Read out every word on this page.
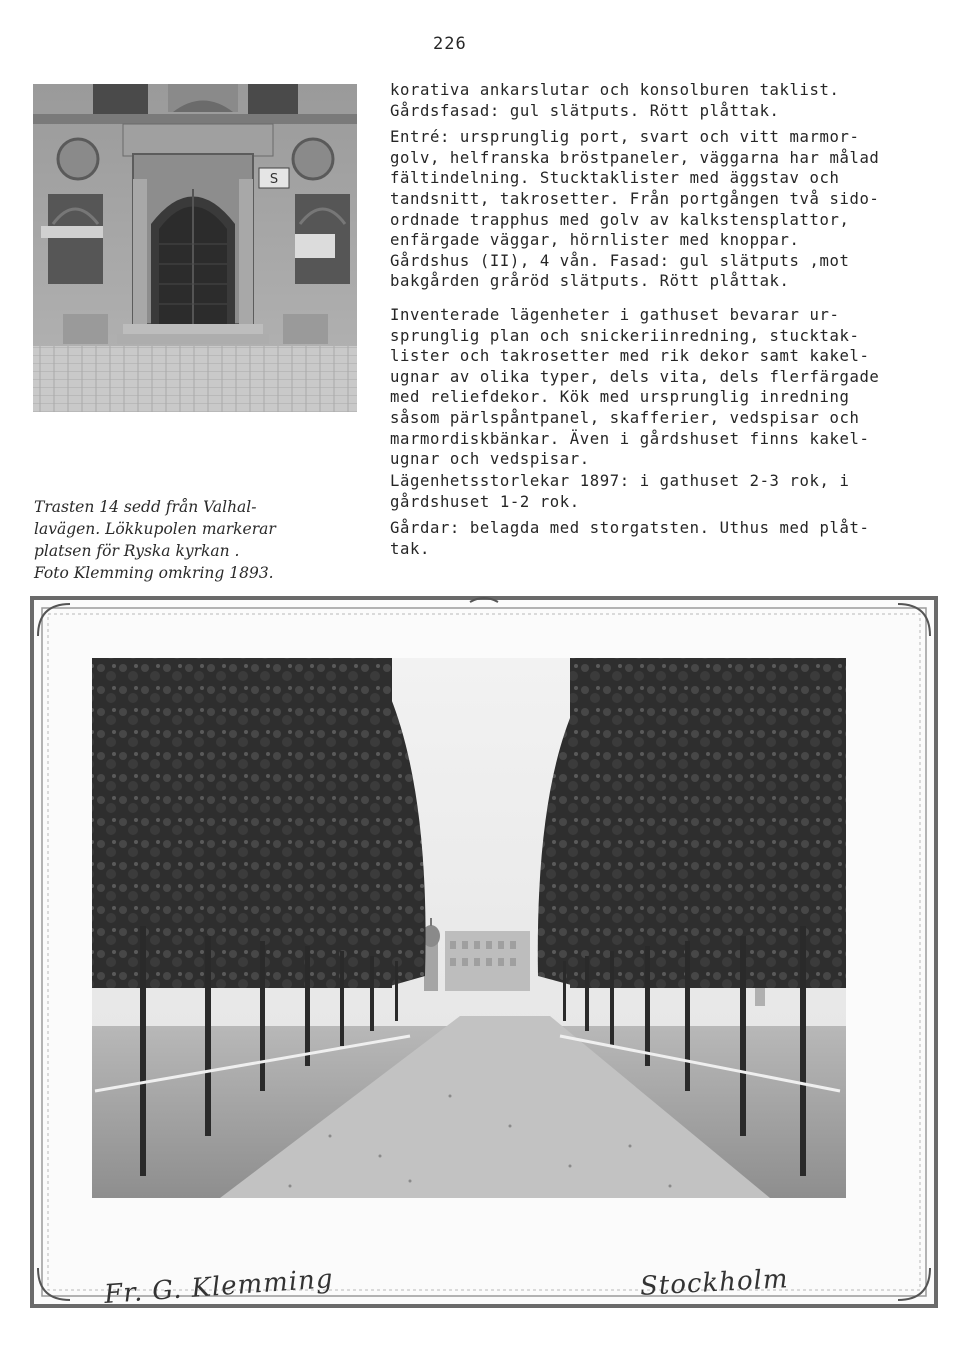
226
S
Trasten 14 sedd från Valhal-
lavägen. Lökkupolen markerar
platsen för Ryska kyrkan .
Foto Klemming omkring 1893.
korativa ankarslutar och konsolburen taklist.
Gårdsfasad: gul slätputs. Rött plåttak.
Entré: ursprunglig port, svart och vitt marmor-
golv, helfranska bröstpaneler, väggarna har målad
fältindelning. Stucktaklister med äggstav och
tandsnitt, takrosetter. Från portgången två sido-
ordnade trapphus med golv av kalkstensplattor,
enfärgade väggar, hörnlister med knoppar.
Gårdshus (II), 4 vån. Fasad: gul slätputs ,mot
bakgården gråröd slätputs. Rött plåttak.
Inventerade lägenheter i gathuset bevarar ur-
sprunglig plan och snickeriinredning, stucktak-
lister och takrosetter med rik dekor samt kakel-
ugnar av olika typer, dels vita, dels flerfärgade
med reliefdekor. Kök med ursprunglig inredning
såsom pärlspåntpanel, skafferier, vedspisar och
marmordiskbänkar. Även i gårdshuset finns kakel-
ugnar och vedspisar.
Lägenhetsstorlekar 1897: i gathuset 2-3 rok, i
gårdshuset 1-2 rok.
Gårdar: belagda med storgatsten. Uthus med plåt-
tak.
Fr. G. Klemming	Stockholm
